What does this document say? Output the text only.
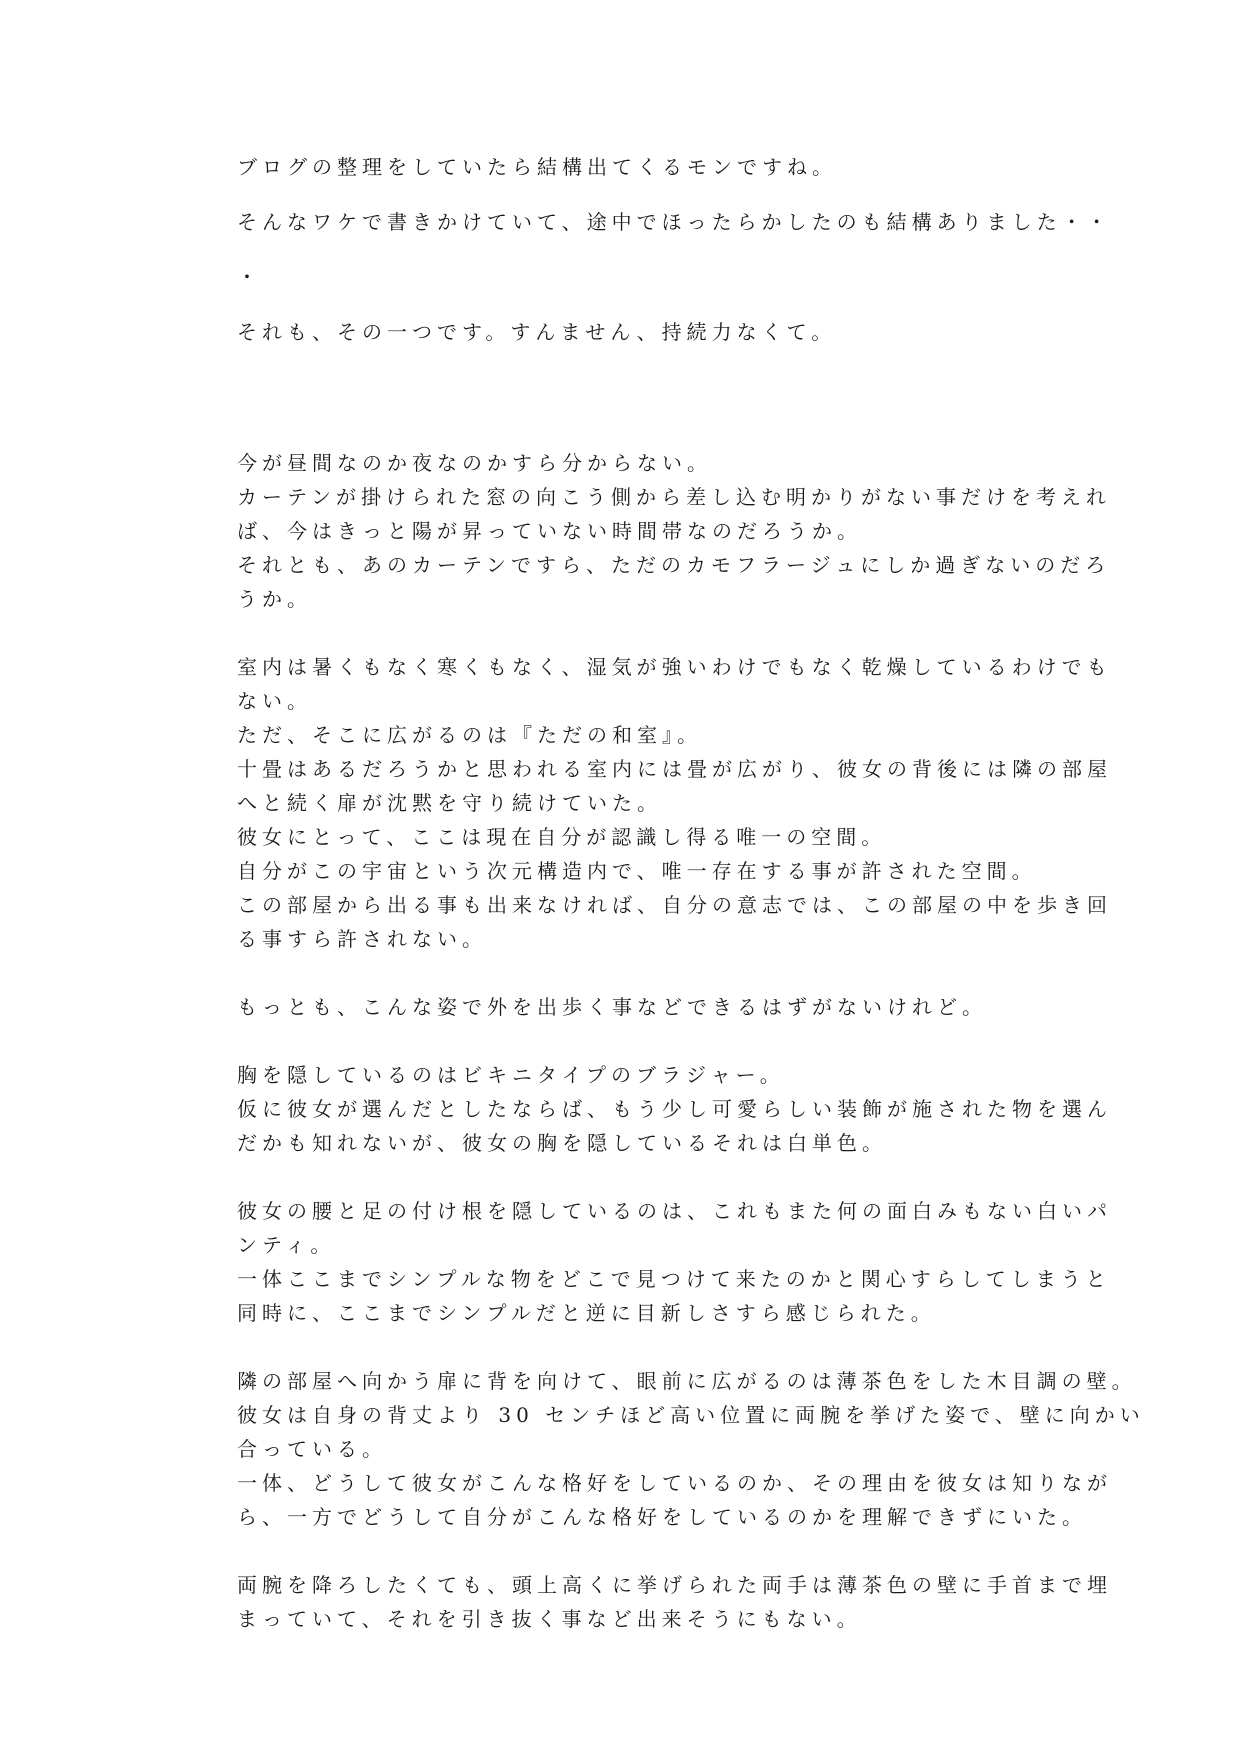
ブログの整理をしていたら結構出てくるモンですね。
そんなワケで書きかけていて、途中でほったらかしたのも結構ありました・・
・
それも、その一つです。すんません、持続力なくて。
今が昼間なのか夜なのかすら分からない。
カーテンが掛けられた窓の向こう側から差し込む明かりがない事だけを考えれ
ば、今はきっと陽が昇っていない時間帯なのだろうか。
それとも、あのカーテンですら、ただのカモフラージュにしか過ぎないのだろ
うか。
室内は暑くもなく寒くもなく、湿気が強いわけでもなく乾燥しているわけでも
ない。
ただ、そこに広がるのは『ただの和室』。
十畳はあるだろうかと思われる室内には畳が広がり、彼女の背後には隣の部屋
へと続く扉が沈黙を守り続けていた。
彼女にとって、ここは現在自分が認識し得る唯一の空間。
自分がこの宇宙という次元構造内で、唯一存在する事が許された空間。
この部屋から出る事も出来なければ、自分の意志では、この部屋の中を歩き回
る事すら許されない。
もっとも、こんな姿で外を出歩く事などできるはずがないけれど。
胸を隠しているのはビキニタイプのブラジャー。
仮に彼女が選んだとしたならば、もう少し可愛らしい装飾が施された物を選ん
だかも知れないが、彼女の胸を隠しているそれは白単色。
彼女の腰と足の付け根を隠しているのは、これもまた何の面白みもない白いパ
ンティ。
一体ここまでシンプルな物をどこで見つけて来たのかと関心すらしてしまうと
同時に、ここまでシンプルだと逆に目新しさすら感じられた。
隣の部屋へ向かう扉に背を向けて、眼前に広がるのは薄茶色をした木目調の壁。
彼女は自身の背丈より 30 センチほど高い位置に両腕を挙げた姿で、壁に向かい
合っている。
一体、どうして彼女がこんな格好をしているのか、その理由を彼女は知りなが
ら、一方でどうして自分がこんな格好をしているのかを理解できずにいた。
両腕を降ろしたくても、頭上高くに挙げられた両手は薄茶色の壁に手首まで埋
まっていて、それを引き抜く事など出来そうにもない。
